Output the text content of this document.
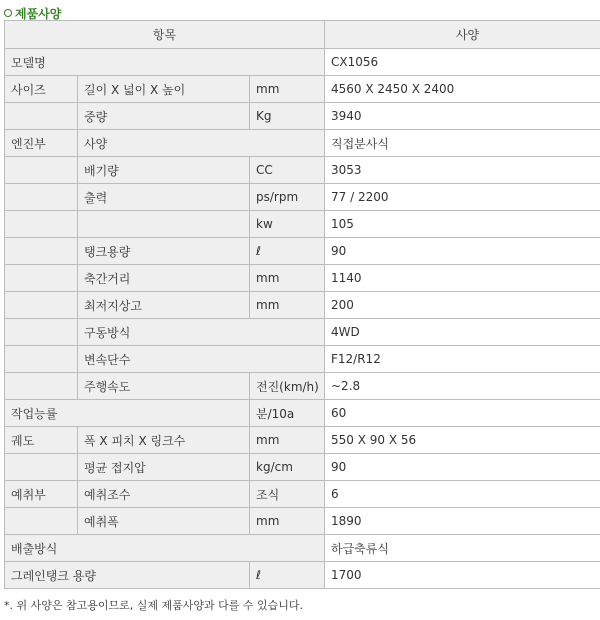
제품사양
항목			사양
모델명			CX1056
사이즈	길이 X 넓이 X 높이	mm	4560 X 2450 X 2400
	중량	Kg	3940
엔진부	사양		직접분사식
	배기량	CC	3053
	출력	ps/rpm	77 / 2200
		kw	105
	탱크용량	ℓ	90
	축간거리	mm	1140
	최저지상고	mm	200
	구동방식		4WD
	변속단수		F12/R12
	주행속도	전진(km/h)	~2.8
작업능률		분/10a	60
궤도	폭 X 피치 X 링크수	mm	550 X 90 X 56
	평균 접지압	kg/cm	90
예취부	예취조수	조식	6
	예취폭	mm	1890
배출방식			하급축류식
그레인탱크 용량		ℓ	1700
*. 위 사양은 참고용이므로, 실제 제품사양과 다를 수 있습니다.
